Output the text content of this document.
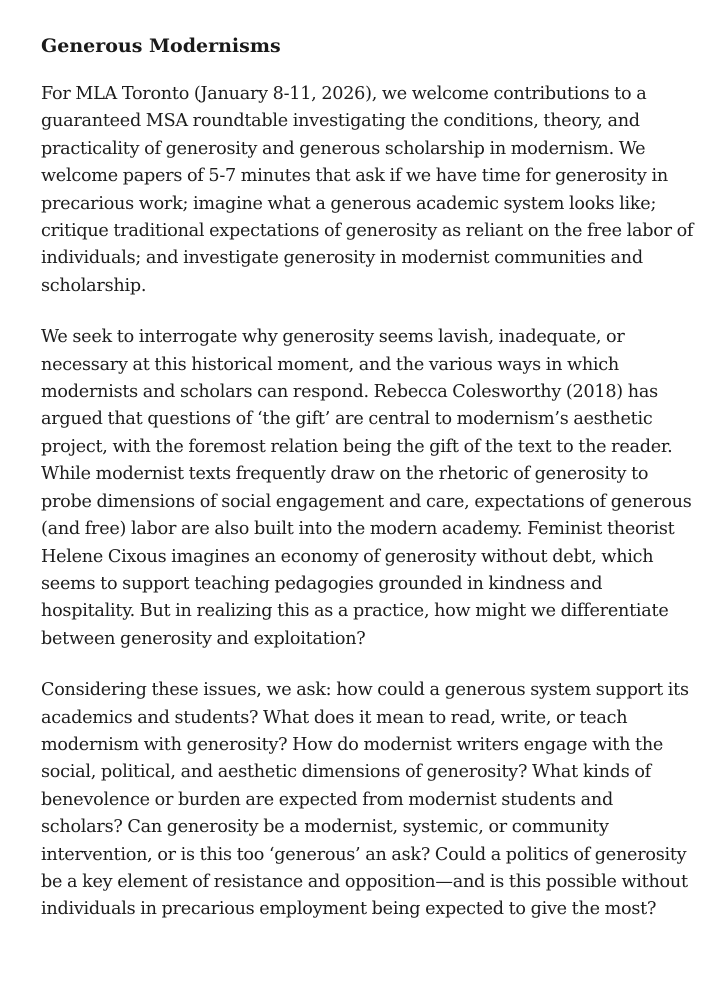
Generous Modernisms

For MLA Toronto (January 8-11, 2026), we welcome contributions to a guaranteed MSA roundtable investigating the conditions, theory, and practicality of generosity and generous scholarship in modernism. We welcome papers of 5-7 minutes that ask if we have time for generosity in precarious work; imagine what a generous academic system looks like; critique traditional expectations of generosity as reliant on the free labor of individuals; and investigate generosity in modernist communities and scholarship.

We seek to interrogate why generosity seems lavish, inadequate, or necessary at this historical moment, and the various ways in which modernists and scholars can respond. Rebecca Colesworthy (2018) has argued that questions of ‘the gift’ are central to modernism’s aesthetic project, with the foremost relation being the gift of the text to the reader. While modernist texts frequently draw on the rhetoric of generosity to probe dimensions of social engagement and care, expectations of generous (and free) labor are also built into the modern academy. Feminist theorist Helene Cixous imagines an economy of generosity without debt, which seems to support teaching pedagogies grounded in kindness and hospitality. But in realizing this as a practice, how might we differentiate between generosity and exploitation?

Considering these issues, we ask: how could a generous system support its academics and students? What does it mean to read, write, or teach modernism with generosity? How do modernist writers engage with the social, political, and aesthetic dimensions of generosity? What kinds of benevolence or burden are expected from modernist students and scholars? Can generosity be a modernist, systemic, or community intervention, or is this too ‘generous’ an ask? Could a politics of generosity be a key element of resistance and opposition—and is this possible without individuals in precarious employment being expected to give the most?
